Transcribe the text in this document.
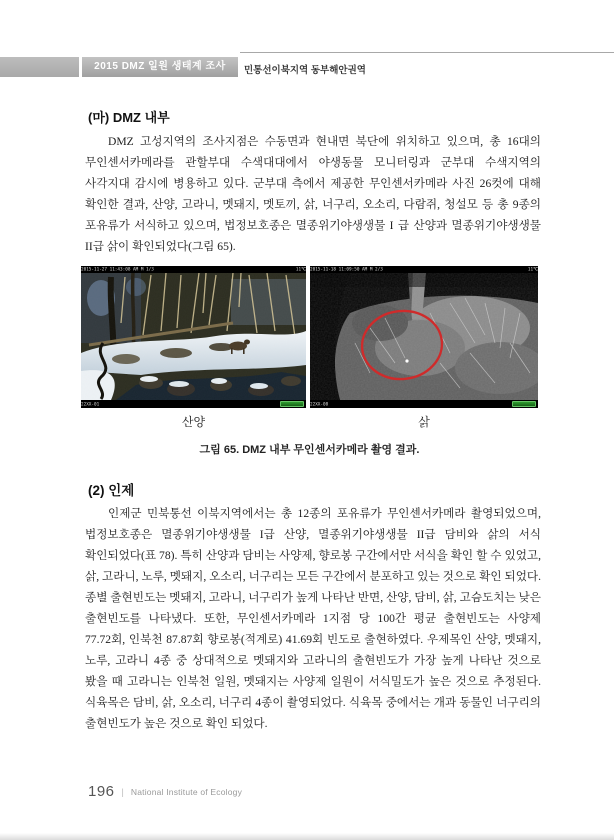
2015 DMZ 일원 생태계 조사	민통선이북지역 동부해안권역
(마) DMZ 내부

DMZ 고성지역의 조사지점은 수동면과 현내면 북단에 위치하고 있으며, 총 16대의 무인센서카메라를 관할부대 수색대대에서 야생동물 모니터링과 군부대 수색지역의 사각지대 감시에 병용하고 있다. 군부대 측에서 제공한 무인센서카메라 사진 26컷에 대해 확인한 결과, 산양, 고라니, 멧돼지, 멧토끼, 삵, 너구리, 오소리, 다람쥐, 청설모 등 총 9종의 포유류가 서식하고 있으며, 법정보호종은 멸종위기야생생물 I 급 산양과 멸종위기야생생물 II급 삵이 확인되었다(그림 65).

2015-11-27 11:43:08 AM M 1/3	11℃
22XX-01
2015-11-18 11:09:50 AM M 2/3	11℃
22XX-08
산양	삵
그림 65. DMZ 내부 무인센서카메라 촬영 결과.
(2) 인제

인제군 민북통선 이북지역에서는 총 12종의 포유류가 무인센서카메라 촬영되었으며, 법정보호종은 멸종위기야생생물 I급 산양, 멸종위기야생생물 II급 담비와 삵의 서식 확인되었다(표 78). 특히 산양과 담비는 사양제, 향로봉 구간에서만 서식을 확인 할 수 있었고, 삵, 고라니, 노루, 멧돼지, 오소리, 너구리는 모든 구간에서 분포하고 있는 것으로 확인 되었다. 종별 출현빈도는 멧돼지, 고라니, 너구리가 높게 나타난 반면, 산양, 담비, 삵, 고슴도치는 낮은 출현빈도를 나타냈다. 또한, 무인센서카메라 1지점 당 100간 평균 출현빈도는 사양제 77.72회, 인북천 87.87회 향로봉(적계로) 41.69회 빈도로 출현하였다. 우제목인 산양, 멧돼지, 노루, 고라니 4종 중 상대적으로 멧돼지와 고라니의 출현빈도가 가장 높게 나타난 것으로 봤을 때 고라니는 인북천 일원, 멧돼지는 사양제 일원이 서식밀도가 높은 것으로 추정된다. 식육목은 담비, 삵, 오소리, 너구리 4종이 촬영되었다. 식육목 중에서는 개과 동물인 너구리의 출현빈도가 높은 것으로 확인 되었다.

196 | National Institute of Ecology
